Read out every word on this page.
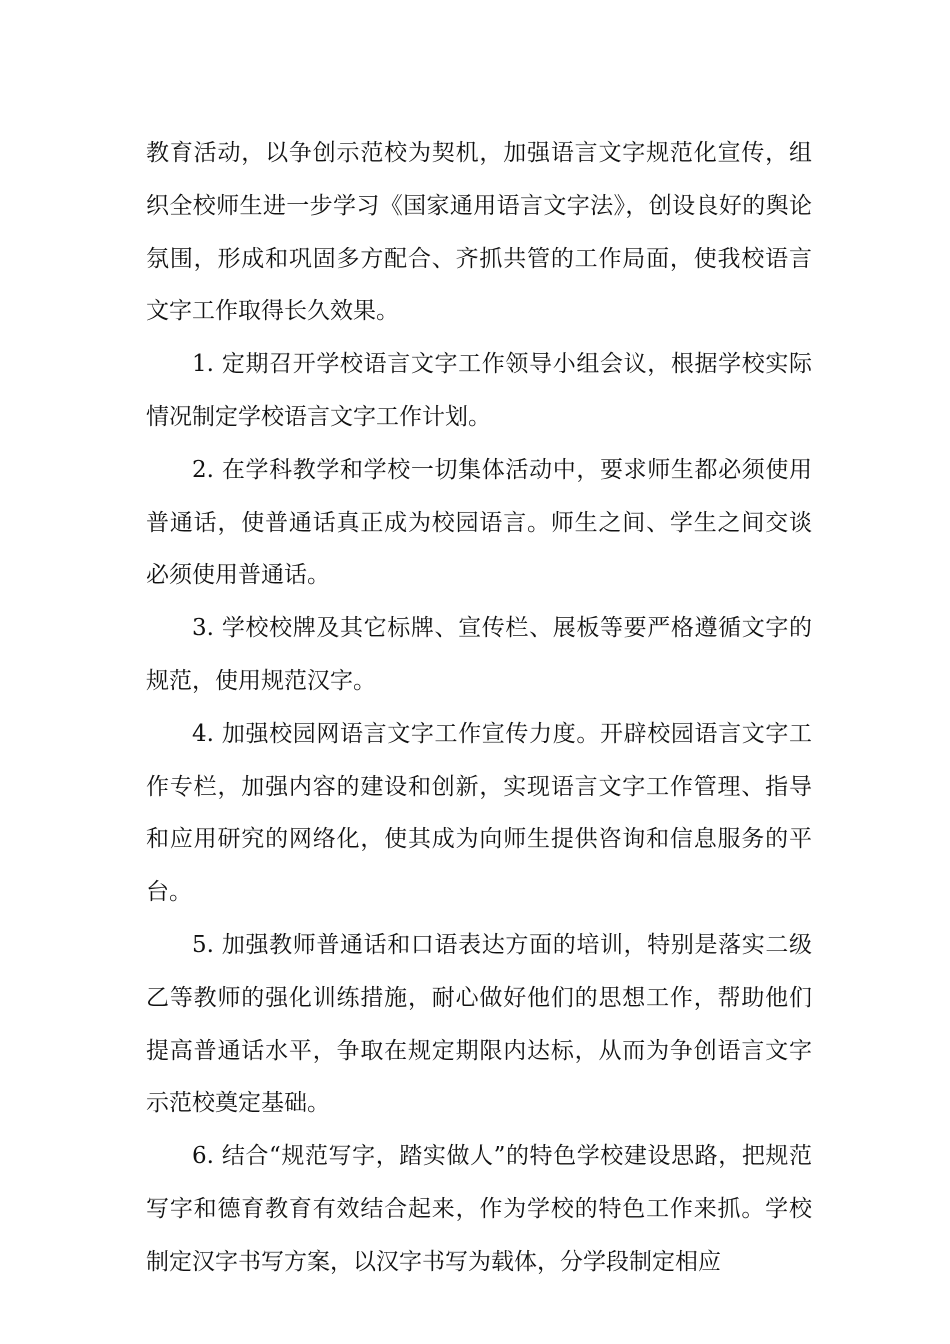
教育活动，以争创示范校为契机，加强语言文字规范化宣传，组织全校师生进一步学习《国家通用语言文字法》，创设良好的舆论氛围，形成和巩固多方配合、齐抓共管的工作局面，使我校语言文字工作取得长久效果。

1. 定期召开学校语言文字工作领导小组会议，根据学校实际情况制定学校语言文字工作计划。

2. 在学科教学和学校一切集体活动中，要求师生都必须使用普通话，使普通话真正成为校园语言。师生之间、学生之间交谈必须使用普通话。

3. 学校校牌及其它标牌、宣传栏、展板等要严格遵循文字的规范，使用规范汉字。

4. 加强校园网语言文字工作宣传力度。开辟校园语言文字工作专栏，加强内容的建设和创新，实现语言文字工作管理、指导和应用研究的网络化，使其成为向师生提供咨询和信息服务的平台。

5. 加强教师普通话和口语表达方面的培训，特别是落实二级乙等教师的强化训练措施，耐心做好他们的思想工作，帮助他们提高普通话水平，争取在规定期限内达标，从而为争创语言文字示范校奠定基础。

6. 结合“规范写字，踏实做人”的特色学校建设思路，把规范写字和德育教育有效结合起来，作为学校的特色工作来抓。学校制定汉字书写方案，以汉字书写为载体，分学段制定相应
